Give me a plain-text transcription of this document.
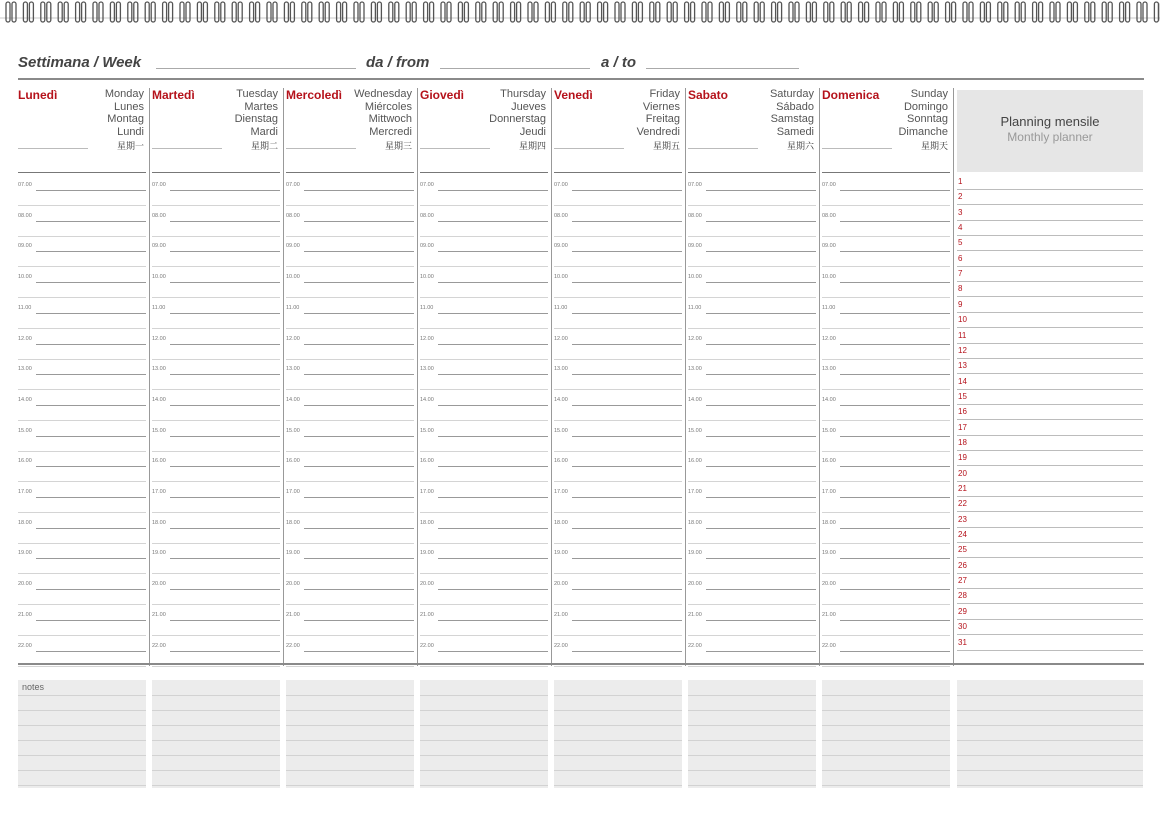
Settimana / Week	da / from	a / to
Lunedì	Monday
Lunes
Montag
Lundi
星期一
07.00
08.00
09.00
10.00
11.00
12.00
13.00
14.00
15.00
16.00
17.00
18.00
19.00
20.00
21.00
22.00
Martedì	Tuesday
Martes
Dienstag
Mardi
星期二
07.00
08.00
09.00
10.00
11.00
12.00
13.00
14.00
15.00
16.00
17.00
18.00
19.00
20.00
21.00
22.00
Mercoledì Wednesday
Miércoles
Mittwoch
Mercredi
星期三
07.00
08.00
09.00
10.00
11.00
12.00
13.00
14.00
15.00
16.00
17.00
18.00
19.00
20.00
21.00
22.00
Giovedì	Thursday
Jueves
Donnerstag
Jeudi
星期四
07.00
08.00
09.00
10.00
11.00
12.00
13.00
14.00
15.00
16.00
17.00
18.00
19.00
20.00
21.00
22.00
Venedì	Friday
Viernes
Freitag
Vendredi
星期五
07.00
08.00
09.00
10.00
11.00
12.00
13.00
14.00
15.00
16.00
17.00
18.00
19.00
20.00
21.00
22.00
Sabato	Saturday
Sábado
Samstag
Samedi
星期六
07.00
08.00
09.00
10.00
11.00
12.00
13.00
14.00
15.00
16.00
17.00
18.00
19.00
20.00
21.00
22.00
Domenica	Sunday
Domingo
Sonntag
Dimanche
星期天
07.00
08.00
09.00
10.00
11.00
12.00
13.00
14.00
15.00
16.00
17.00
18.00
19.00
20.00
21.00
22.00
Planning mensile
Monthly planner
1
2
3
4
5
6
7
8
9
10
11
12
13
14
15
16
17
18
19
20
21
22
23
24
25
26
27
28
29
30
31
notes
